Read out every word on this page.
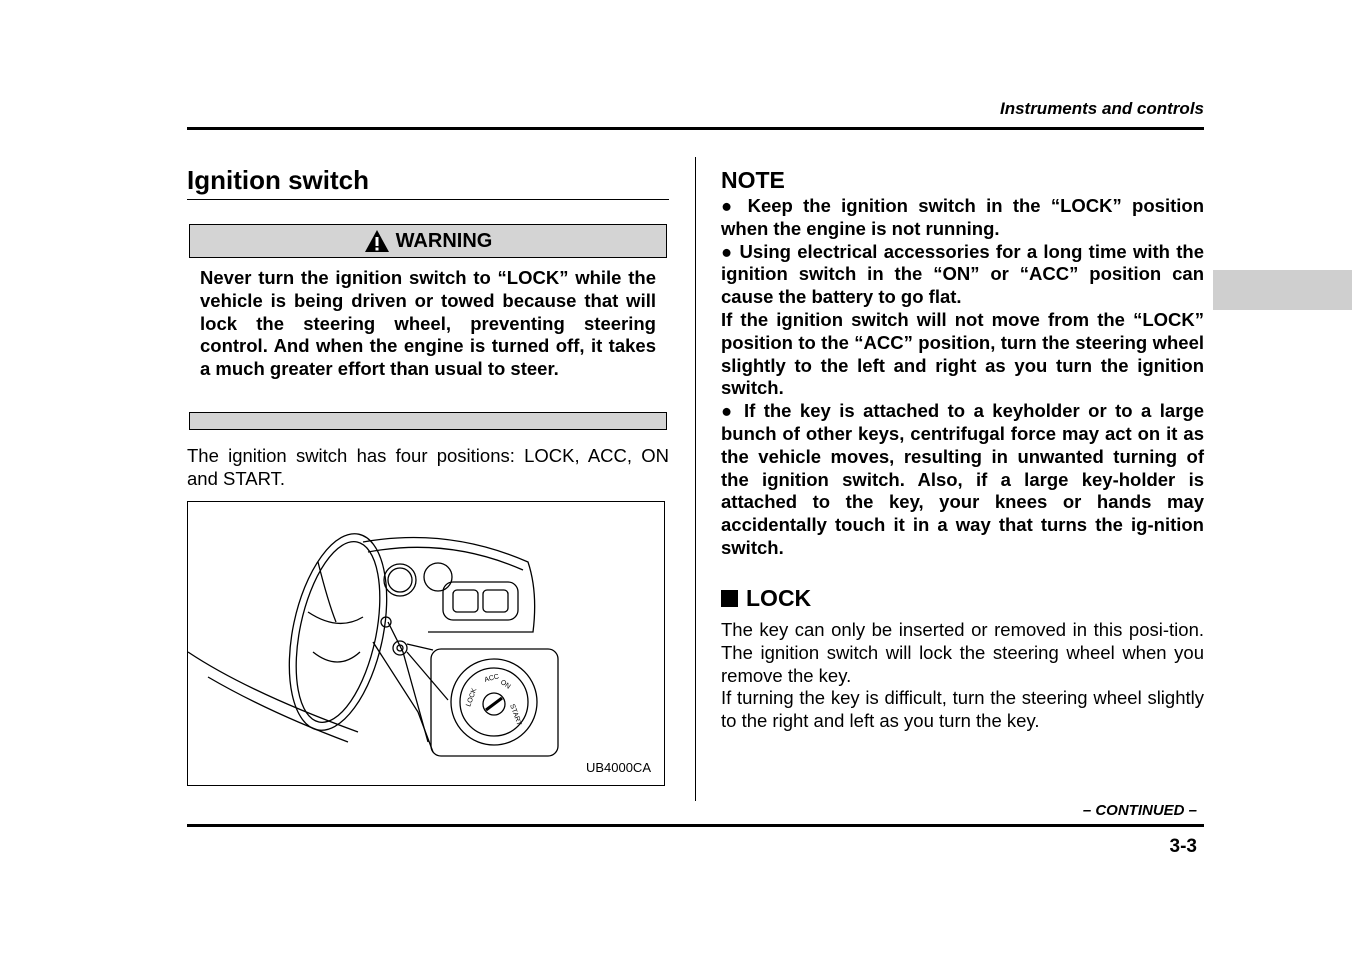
Instruments and controls
Ignition switch
WARNING
Never turn the ignition switch to “LOCK” while the vehicle is being driven or towed because that will lock the steering wheel, preventing steering control. And when the engine is turned off, it takes a much greater effort than usual to steer.
The ignition switch has four positions: LOCK, ACC, ON and START.
LOCK
ACC
ON
START
UB4000CA
NOTE

● Keep the ignition switch in the “LOCK” position when the engine is not running.

● Using electrical accessories for a long time with the ignition switch in the “ON” or “ACC” position can cause the battery to go flat.

If the ignition switch will not move from the “LOCK” position to the “ACC” position, turn the steering wheel slightly to the left and right as you turn the ignition switch.

● If the key is attached to a keyholder or to a large bunch of other keys, centrifugal force may act on it as the vehicle moves, resulting in unwanted turning of the ignition switch. Also, if a large key-holder is attached to the key, your knees or hands may accidentally touch it in a way that turns the ig-nition switch.

LOCK

The key can only be inserted or removed in this posi-tion. The ignition switch will lock the steering wheel when you remove the key.

If turning the key is difficult, turn the steering wheel slightly to the right and left as you turn the key.

– CONTINUED –
3-3
